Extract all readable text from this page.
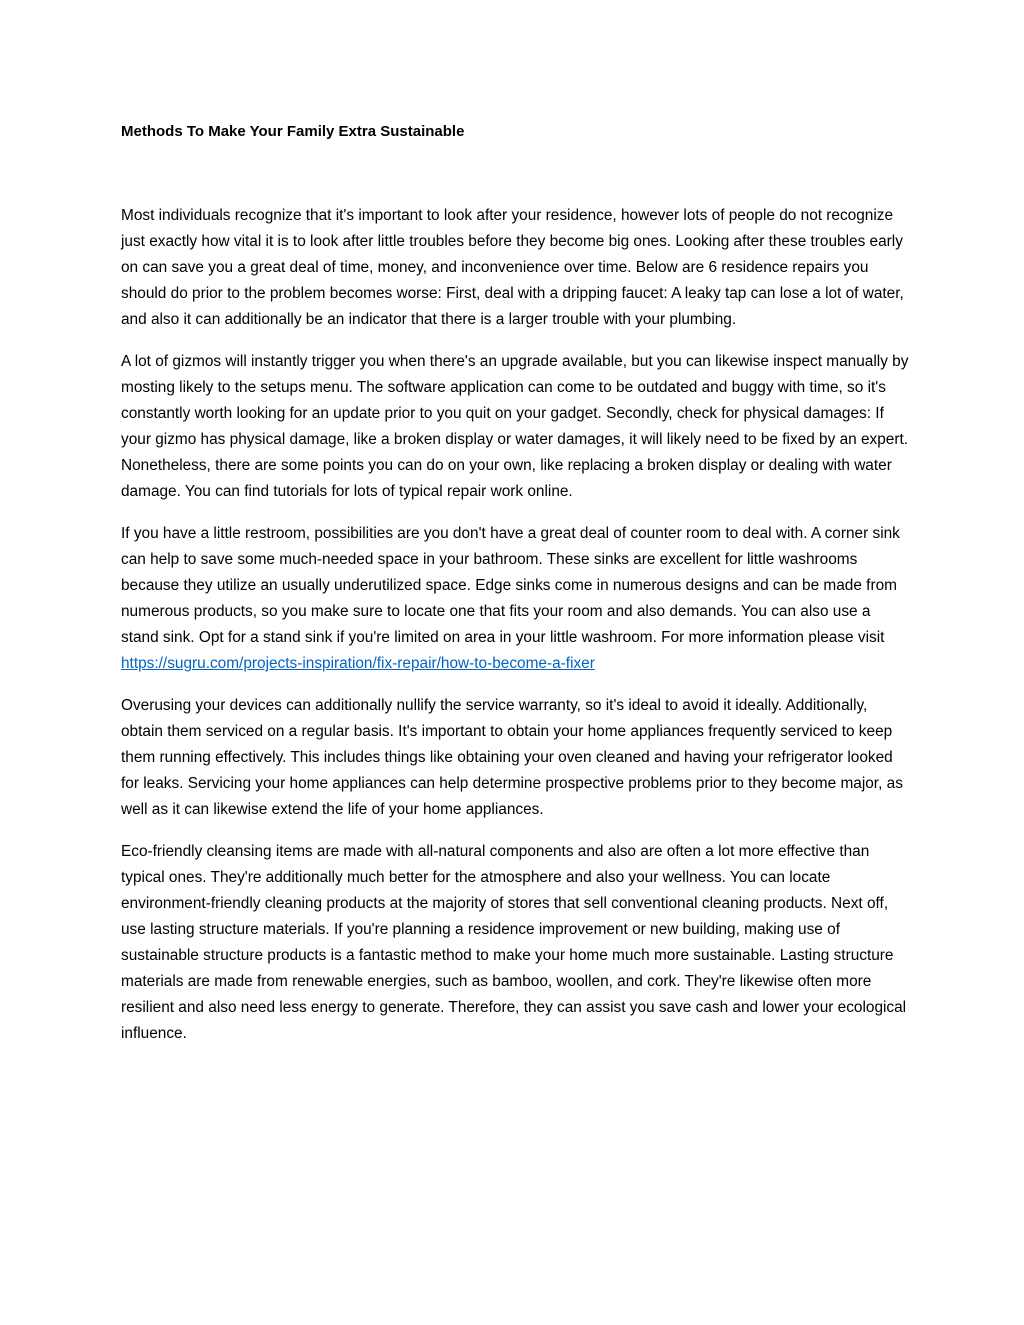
Methods To Make Your Family Extra Sustainable

Most individuals recognize that it's important to look after your residence, however lots of people do not recognize just exactly how vital it is to look after little troubles before they become big ones. Looking after these troubles early on can save you a great deal of time, money, and inconvenience over time. Below are 6 residence repairs you should do prior to the problem becomes worse: First, deal with a dripping faucet: A leaky tap can lose a lot of water, and also it can additionally be an indicator that there is a larger trouble with your plumbing.

A lot of gizmos will instantly trigger you when there's an upgrade available, but you can likewise inspect manually by mosting likely to the setups menu. The software application can come to be outdated and buggy with time, so it's constantly worth looking for an update prior to you quit on your gadget. Secondly, check for physical damages: If your gizmo has physical damage, like a broken display or water damages, it will likely need to be fixed by an expert. Nonetheless, there are some points you can do on your own, like replacing a broken display or dealing with water damage. You can find tutorials for lots of typical repair work online.

If you have a little restroom, possibilities are you don't have a great deal of counter room to deal with. A corner sink can help to save some much-needed space in your bathroom. These sinks are excellent for little washrooms because they utilize an usually underutilized space. Edge sinks come in numerous designs and can be made from numerous products, so you make sure to locate one that fits your room and also demands. You can also use a stand sink. Opt for a stand sink if you're limited on area in your little washroom. For more information please visit https://sugru.com/projects-inspiration/fix-repair/how-to-become-a-fixer

Overusing your devices can additionally nullify the service warranty, so it's ideal to avoid it ideally. Additionally, obtain them serviced on a regular basis. It's important to obtain your home appliances frequently serviced to keep them running effectively. This includes things like obtaining your oven cleaned and having your refrigerator looked for leaks. Servicing your home appliances can help determine prospective problems prior to they become major, as well as it can likewise extend the life of your home appliances.

Eco-friendly cleansing items are made with all-natural components and also are often a lot more effective than typical ones. They're additionally much better for the atmosphere and also your wellness. You can locate environment-friendly cleaning products at the majority of stores that sell conventional cleaning products. Next off, use lasting structure materials. If you're planning a residence improvement or new building, making use of sustainable structure products is a fantastic method to make your home much more sustainable. Lasting structure materials are made from renewable energies, such as bamboo, woollen, and cork. They're likewise often more resilient and also need less energy to generate. Therefore, they can assist you save cash and lower your ecological influence.
